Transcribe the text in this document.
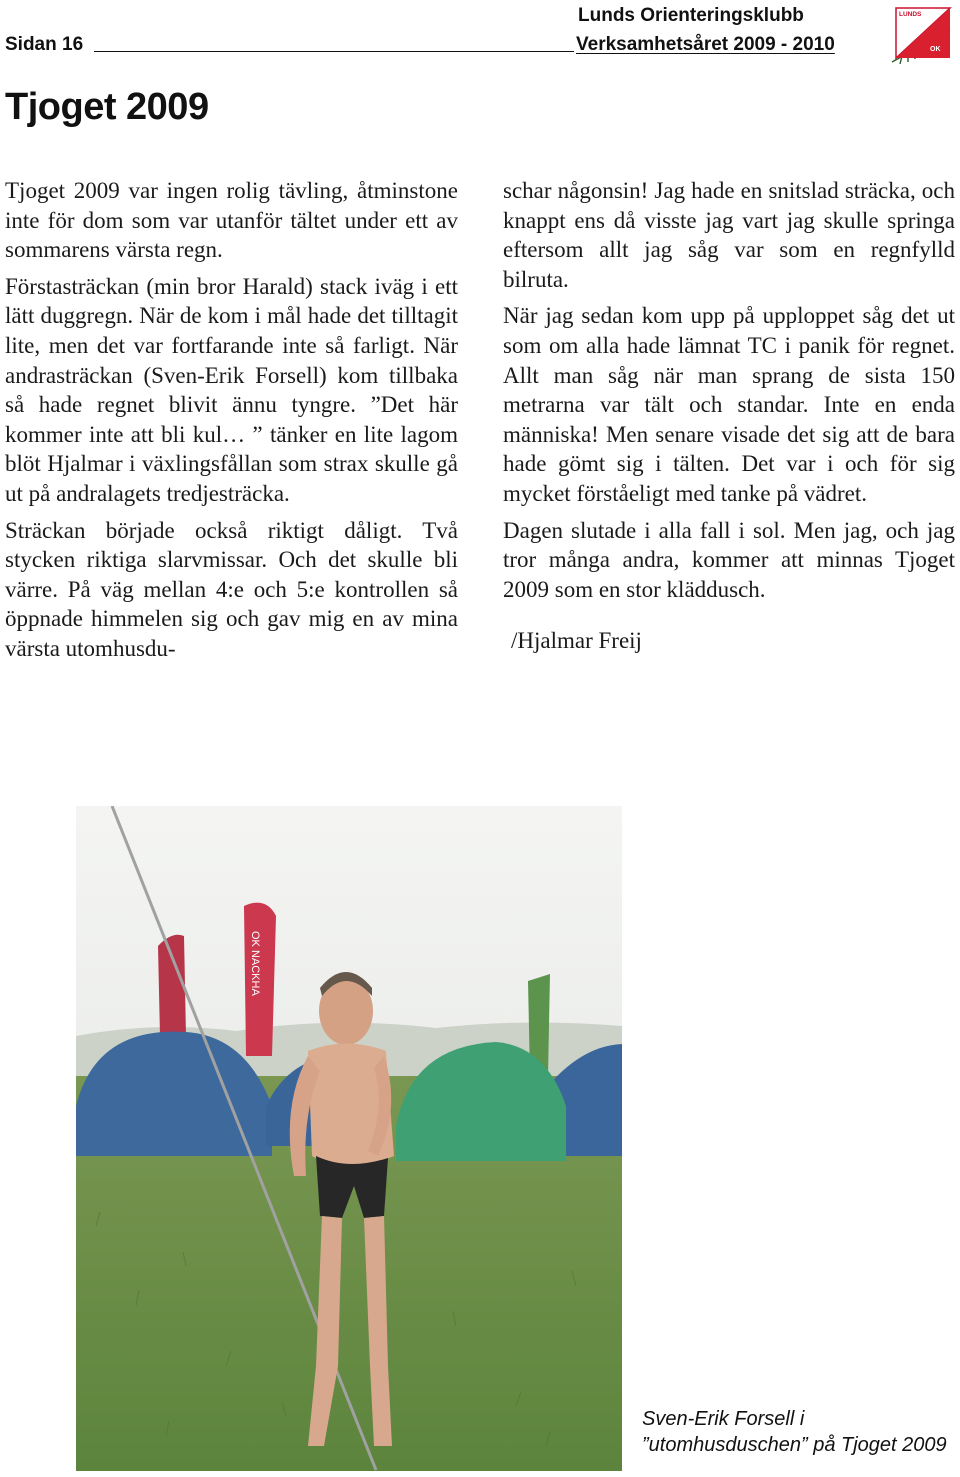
Lunds Orienteringsklubb
Sidan 16	Verksamhetsåret 2009 - 2010
LUNDS
OK
Tjoget 2009

Tjoget 2009 var ingen rolig tävling, åtminstone inte för dom som var utanför tältet under ett av sommarens värsta regn.

Förstasträckan (min bror Harald) stack iväg i ett lätt duggregn. När de kom i mål hade det tilltagit lite, men det var fortfarande inte så farligt. När andrasträckan (Sven-Erik Forsell) kom tillbaka så hade regnet blivit ännu tyngre. ”Det här kommer inte att bli kul… ” tänker en lite lagom blöt Hjalmar i växlingsfållan som strax skulle gå ut på andralagets tredjesträcka.

Sträckan började också riktigt dåligt. Två stycken riktiga slarvmissar. Och det skulle bli värre. På väg mellan 4:e och 5:e kontrollen så öppnade himmelen sig och gav mig en av mina värsta utomhusdu-

schar någonsin! Jag hade en snitslad sträcka, och knappt ens då visste jag vart jag skulle springa eftersom allt jag såg var som en regnfylld bilruta.

När jag sedan kom upp på upploppet såg det ut som om alla hade lämnat TC i panik för regnet. Allt man såg när man sprang de sista 150 metrarna var tält och standar. Inte en enda människa! Men senare visade det sig att de bara hade gömt sig i tälten. Det var i och för sig mycket förståeligt med tanke på vädret.

Dagen slutade i alla fall i sol. Men jag, och jag tror många andra, kommer att minnas Tjoget 2009 som en stor kläddusch.

/Hjalmar Freij

OK NACKHA
Sven-Erik Forsell i ”utomhusduschen” på Tjoget 2009
